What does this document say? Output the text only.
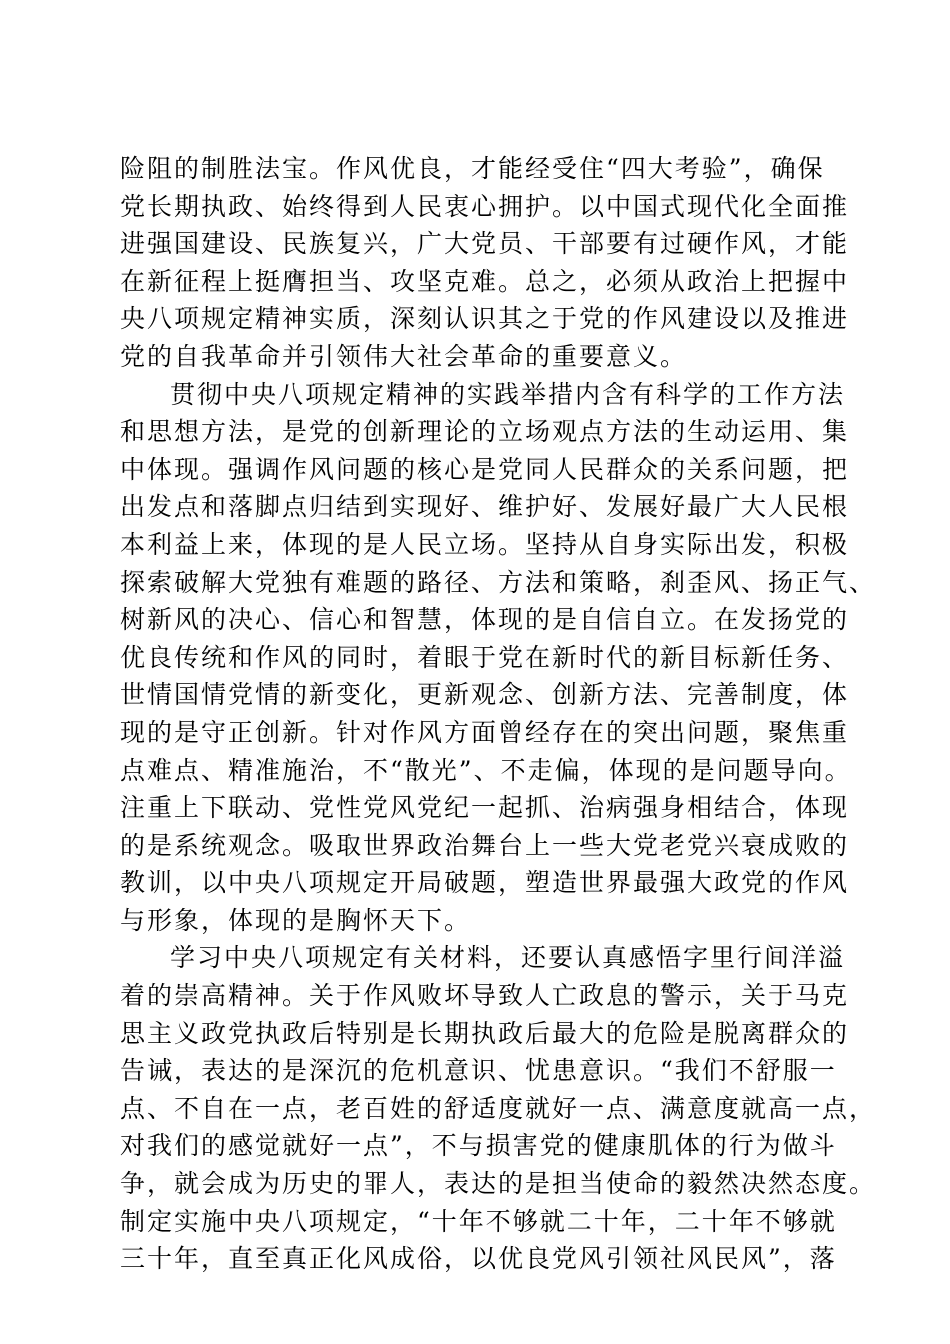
险阻的制胜法宝。作风优良，才能经受住“四大考验”，确保
党长期执政、始终得到人民衷心拥护。以中国式现代化全面推
进强国建设、民族复兴，广大党员、干部要有过硬作风，才能
在新征程上挺膺担当、攻坚克难。总之，必须从政治上把握中
央八项规定精神实质，深刻认识其之于党的作风建设以及推进
党的自我革命并引领伟大社会革命的重要意义。
贯彻中央八项规定精神的实践举措内含有科学的工作方法
和思想方法，是党的创新理论的立场观点方法的生动运用、集
中体现。强调作风问题的核心是党同人民群众的关系问题，把
出发点和落脚点归结到实现好、维护好、发展好最广大人民根
本利益上来，体现的是人民立场。坚持从自身实际出发，积极
探索破解大党独有难题的路径、方法和策略，刹歪风、扬正气、
树新风的决心、信心和智慧，体现的是自信自立。在发扬党的
优良传统和作风的同时，着眼于党在新时代的新目标新任务、
世情国情党情的新变化，更新观念、创新方法、完善制度，体
现的是守正创新。针对作风方面曾经存在的突出问题，聚焦重
点难点、精准施治，不“散光”、不走偏，体现的是问题导向。
注重上下联动、党性党风党纪一起抓、治病强身相结合，体现
的是系统观念。吸取世界政治舞台上一些大党老党兴衰成败的
教训，以中央八项规定开局破题，塑造世界最强大政党的作风
与形象，体现的是胸怀天下。
学习中央八项规定有关材料，还要认真感悟字里行间洋溢
着的崇高精神。关于作风败坏导致人亡政息的警示，关于马克
思主义政党执政后特别是长期执政后最大的危险是脱离群众的
告诫，表达的是深沉的危机意识、忧患意识。“我们不舒服一
点、不自在一点，老百姓的舒适度就好一点、满意度就高一点，
对我们的感觉就好一点”，不与损害党的健康肌体的行为做斗
争，就会成为历史的罪人，表达的是担当使命的毅然决然态度。
制定实施中央八项规定，“十年不够就二十年，二十年不够就
三十年，直至真正化风成俗，以优良党风引领社风民风”，落
